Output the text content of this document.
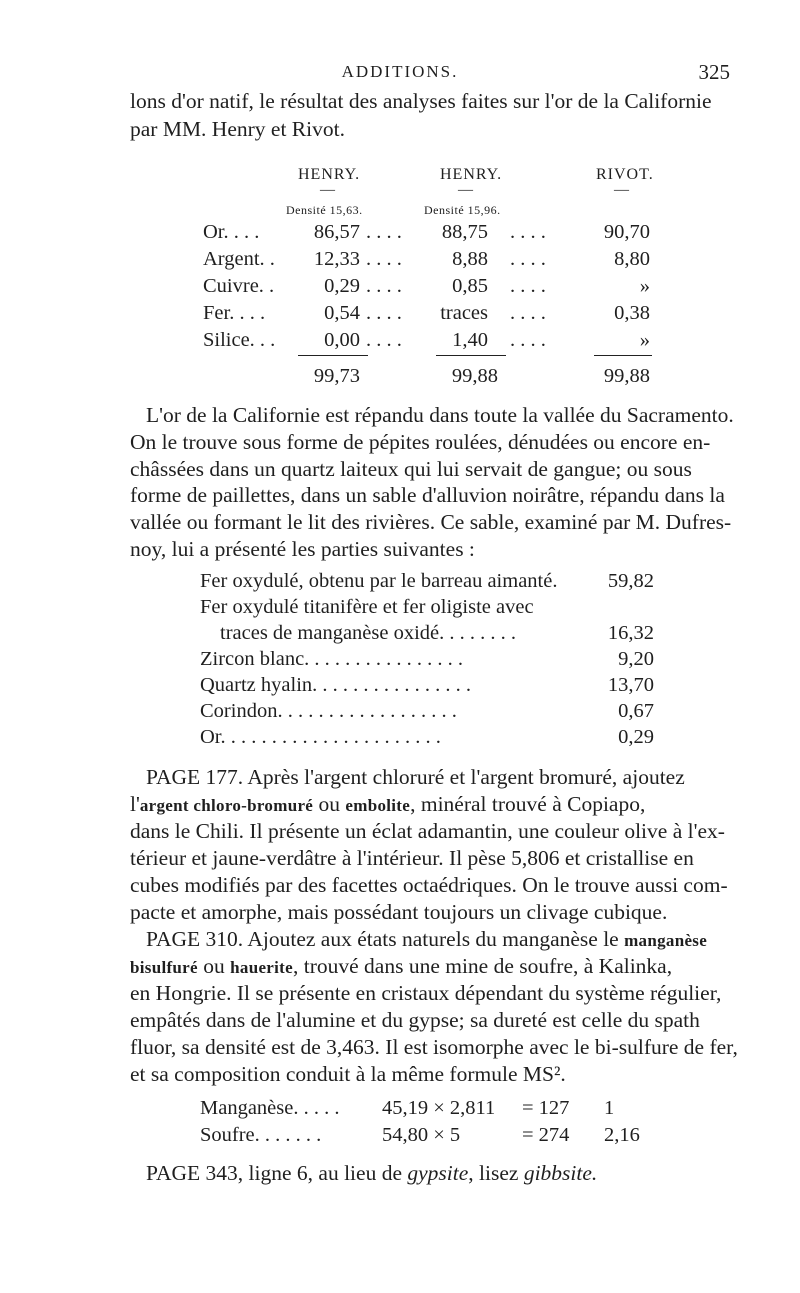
ADDITIONS.	325
lons d'or natif, le résultat des analyses faites sur l'or de la Californie
par MM. Henry et Rivot.
HENRY.	HENRY.	RIVOT.
—	—	—
Densité 15,63.	Densité 15,96.
Or. . . .	86,57 . . . .	88,75 . . . .	90,70
Argent. .	12,33 . . . .	8,88 . . . .	8,80
Cuivre. .	0,29 . . . .	0,85 . . . .	»
Fer. . . .	0,54 . . . .	traces . . . .	0,38
Silice. . .	0,00 . . . .	1,40 . . . .	»
99,73	99,88	99,88
L'or de la Californie est répandu dans toute la vallée du Sacramento.
On le trouve sous forme de pépites roulées, dénudées ou encore en-
châssées dans un quartz laiteux qui lui servait de gangue; ou sous
forme de paillettes, dans un sable d'alluvion noirâtre, répandu dans la
vallée ou formant le lit des rivières. Ce sable, examiné par M. Dufres-
noy, lui a présenté les parties suivantes :
Fer oxydulé, obtenu par le barreau aimanté.	59,82
Fer oxydulé titanifère et fer oligiste avec
traces de manganèse oxidé. . . . . . . .	16,32
Zircon blanc. . . . . . . . . . . . . . . .	9,20
Quartz hyalin. . . . . . . . . . . . . . . .	13,70
Corindon. . . . . . . . . . . . . . . . . .	0,67
Or. . . . . . . . . . . . . . . . . . . . . .	0,29
PAGE 177. Après l'argent chloruré et l'argent bromuré, ajoutez
l'argent chloro-bromuré ou embolite, minéral trouvé à Copiapo,
dans le Chili. Il présente un éclat adamantin, une couleur olive à l'ex-
térieur et jaune-verdâtre à l'intérieur. Il pèse 5,806 et cristallise en
cubes modifiés par des facettes octaédriques. On le trouve aussi com-
pacte et amorphe, mais possédant toujours un clivage cubique.
PAGE 310. Ajoutez aux états naturels du manganèse le manganèse
bisulfuré ou hauerite, trouvé dans une mine de soufre, à Kalinka,
en Hongrie. Il se présente en cristaux dépendant du système régulier,
empâtés dans de l'alumine et du gypse; sa dureté est celle du spath
fluor, sa densité est de 3,463. Il est isomorphe avec le bi-sulfure de fer,
et sa composition conduit à la même formule MS².
Manganèse. . . . . 45,19 × 2,811 = 127 1
Soufre. . . . . . .	54,80 × 5	= 274 2,16
PAGE 343, ligne 6, au lieu de gypsite, lisez gibbsite.
